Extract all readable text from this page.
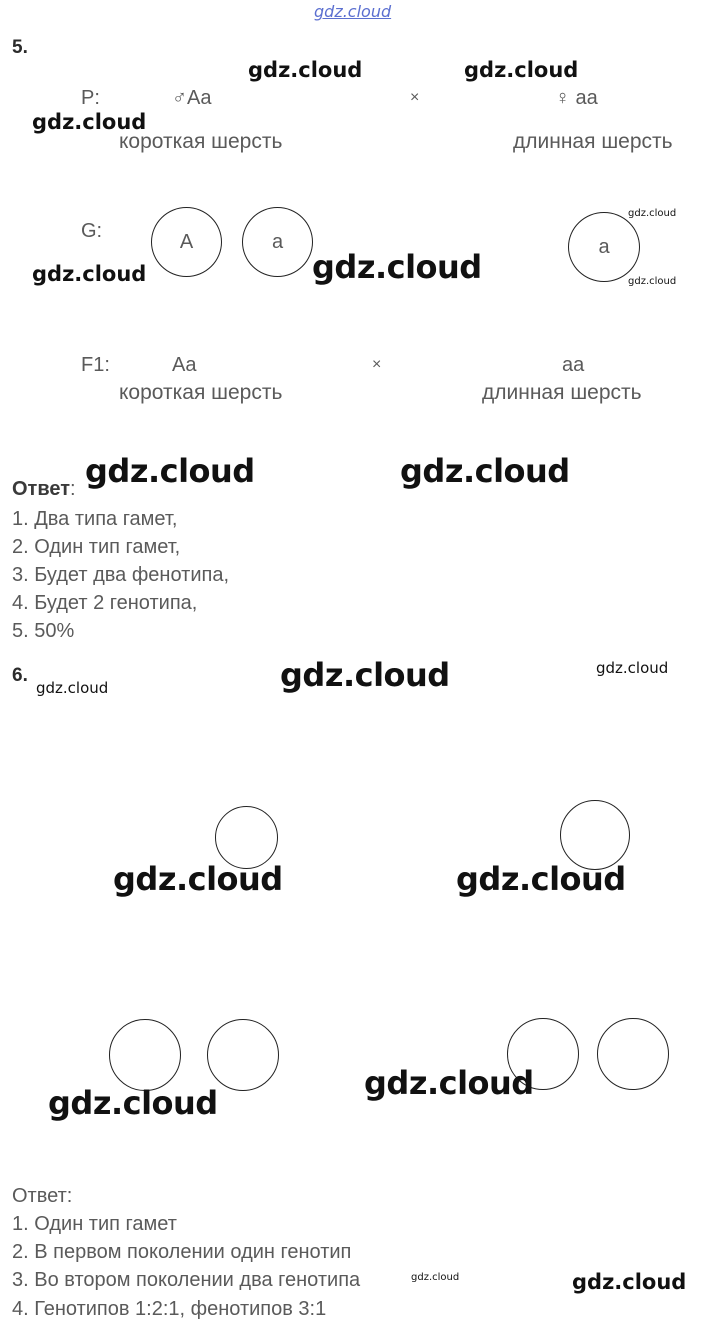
gdz.cloud
5.
P:	♂Aa	×	♀ aa
короткая шерсть	длинная шерсть
G:	A	a	a
F1:	Aa	×	aa
короткая шерсть	длинная шерсть
Ответ:
1. Два типа гамет,
2. Один тип гамет,
3. Будет два фенотипа,
4. Будет 2 генотипа,
5. 50%
6.
Ответ:
1. Один тип гамет
2. В первом поколении один генотип
3. Во втором поколении два генотипа
4. Генотипов 1:2:1, фенотипов 3:1
gdz.cloud	gdz.cloud
gdz.cloud
gdz.cloud
gdz.cloud
gdz.cloud	gdz.cloud
gdz.cloud	gdz.cloud
gdz.cloud	gdz.cloud
gdz.cloud
gdz.cloud	gdz.cloud
gdz.cloud
gdz.cloud
gdz.cloud	gdz.cloud
